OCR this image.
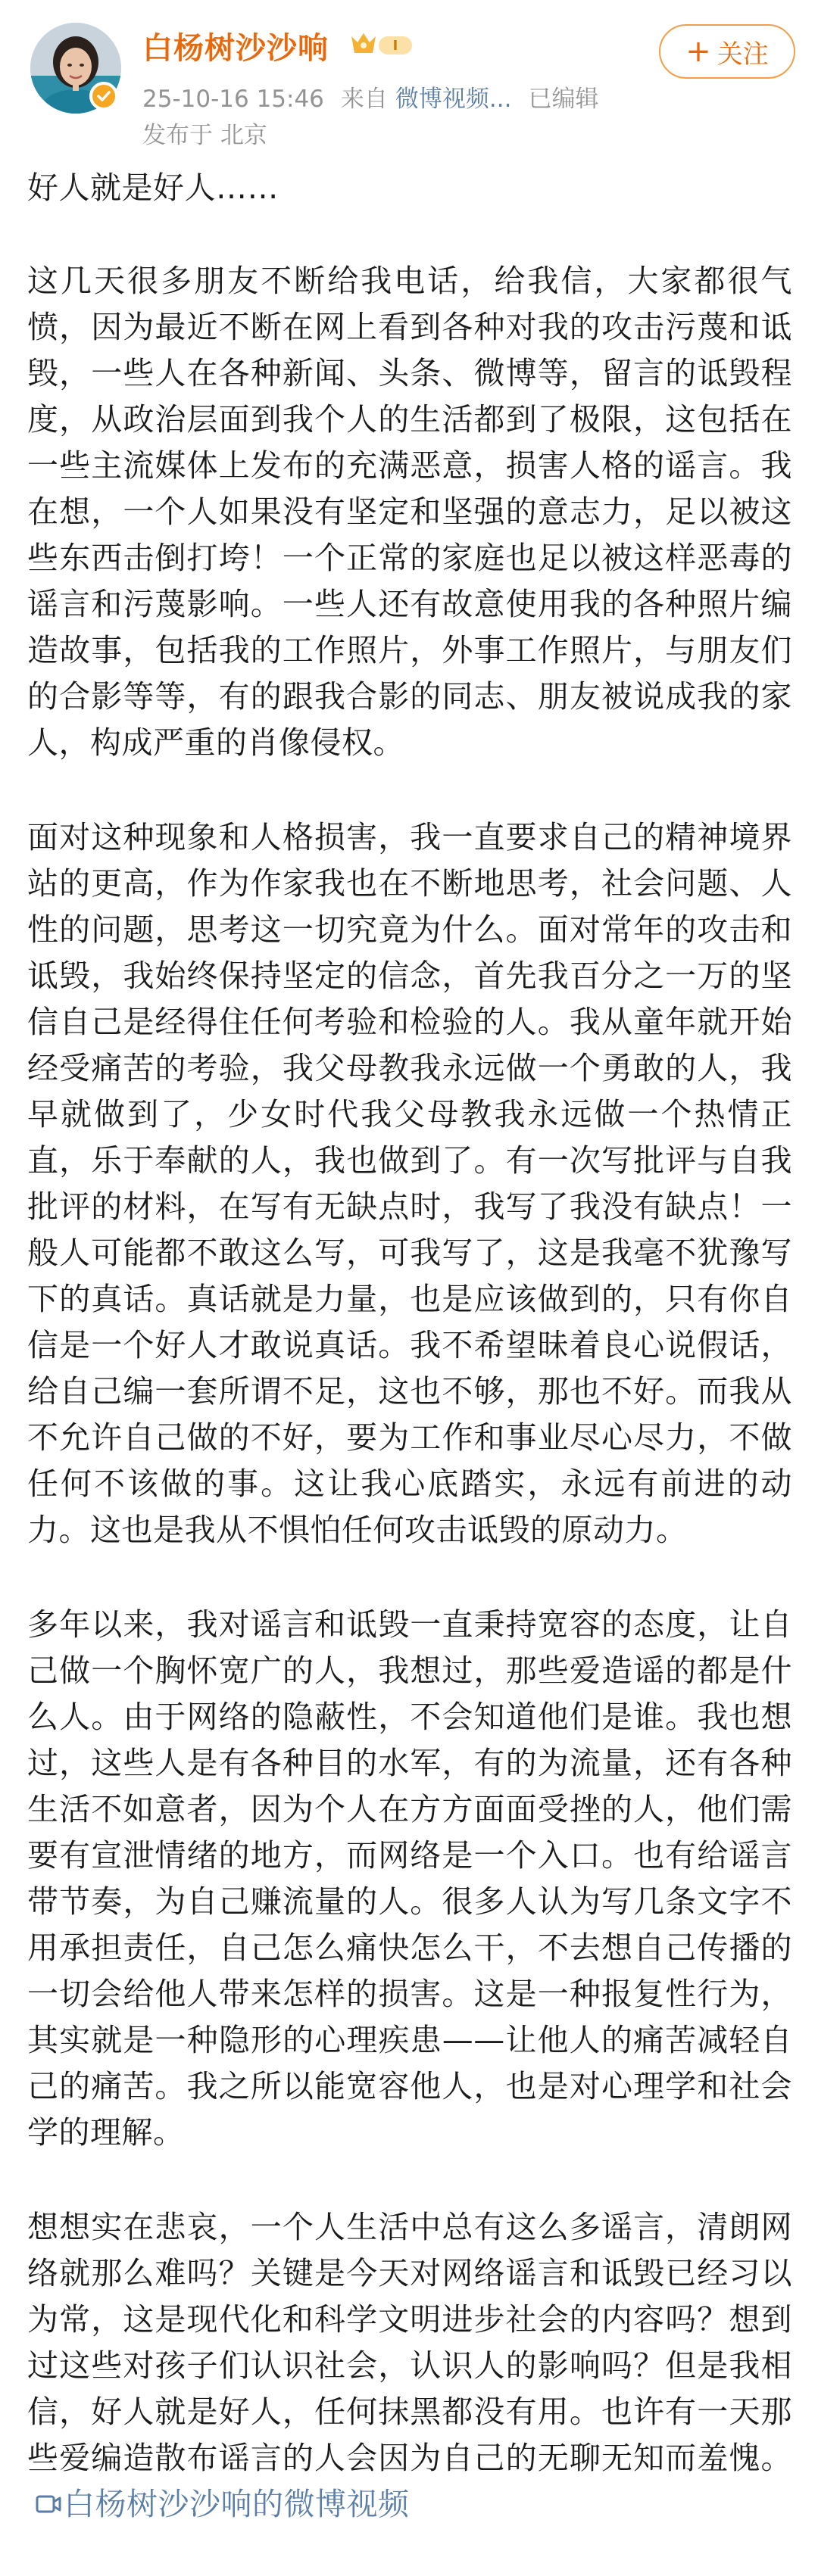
白杨树沙沙响	I
25-10-16 15:46 来自 微博视频... 已编辑
发布于 北京
+ 关注

好人就是好人……

这几天很多朋友不断给我电话，给我信，大家都很气愤，因为最近不断在网上看到各种对我的攻击污蔑和诋毁，一些人在各种新闻、头条、微博等，留言的诋毁程度，从政治层面到我个人的生活都到了极限，这包括在一些主流媒体上发布的充满恶意，损害人格的谣言。我在想，一个人如果没有坚定和坚强的意志力，足以被这些东西击倒打垮！一个正常的家庭也足以被这样恶毒的谣言和污蔑影响。一些人还有故意使用我的各种照片编造故事，包括我的工作照片，外事工作照片，与朋友们的合影等等，有的跟我合影的同志、朋友被说成我的家人，构成严重的肖像侵权。

面对这种现象和人格损害，我一直要求自己的精神境界站的更高，作为作家我也在不断地思考，社会问题、人性的问题，思考这一切究竟为什么。面对常年的攻击和诋毁，我始终保持坚定的信念，首先我百分之一万的坚信自己是经得住任何考验和检验的人。我从童年就开始经受痛苦的考验，我父母教我永远做一个勇敢的人，我早就做到了，少女时代我父母教我永远做一个热情正直，乐于奉献的人，我也做到了。有一次写批评与自我批评的材料，在写有无缺点时，我写了我没有缺点！一般人可能都不敢这么写，可我写了，这是我毫不犹豫写下的真话。真话就是力量，也是应该做到的，只有你自信是一个好人才敢说真话。我不希望昧着良心说假话，给自己编一套所谓不足，这也不够，那也不好。而我从不允许自己做的不好，要为工作和事业尽心尽力，不做任何不该做的事。这让我心底踏实，永远有前进的动力。这也是我从不惧怕任何攻击诋毁的原动力。

多年以来，我对谣言和诋毁一直秉持宽容的态度，让自己做一个胸怀宽广的人，我想过，那些爱造谣的都是什么人。由于网络的隐蔽性，不会知道他们是谁。我也想过，这些人是有各种目的水军，有的为流量，还有各种生活不如意者，因为个人在方方面面受挫的人，他们需要有宣泄情绪的地方，而网络是一个入口。也有给谣言带节奏，为自己赚流量的人。很多人认为写几条文字不用承担责任，自己怎么痛快怎么干，不去想自己传播的一切会给他人带来怎样的损害。这是一种报复性行为，其实就是一种隐形的心理疾患——让他人的痛苦减轻自己的痛苦。我之所以能宽容他人，也是对心理学和社会学的理解。

想想实在悲哀，一个人生活中总有这么多谣言，清朗网络就那么难吗？关键是今天对网络谣言和诋毁已经习以为常，这是现代化和科学文明进步社会的内容吗？想到过这些对孩子们认识社会，认识人的影响吗？但是我相信，好人就是好人，任何抹黑都没有用。也许有一天那些爱编造散布谣言的人会因为自己的无聊无知而羞愧。白杨树沙沙响的微博视频
